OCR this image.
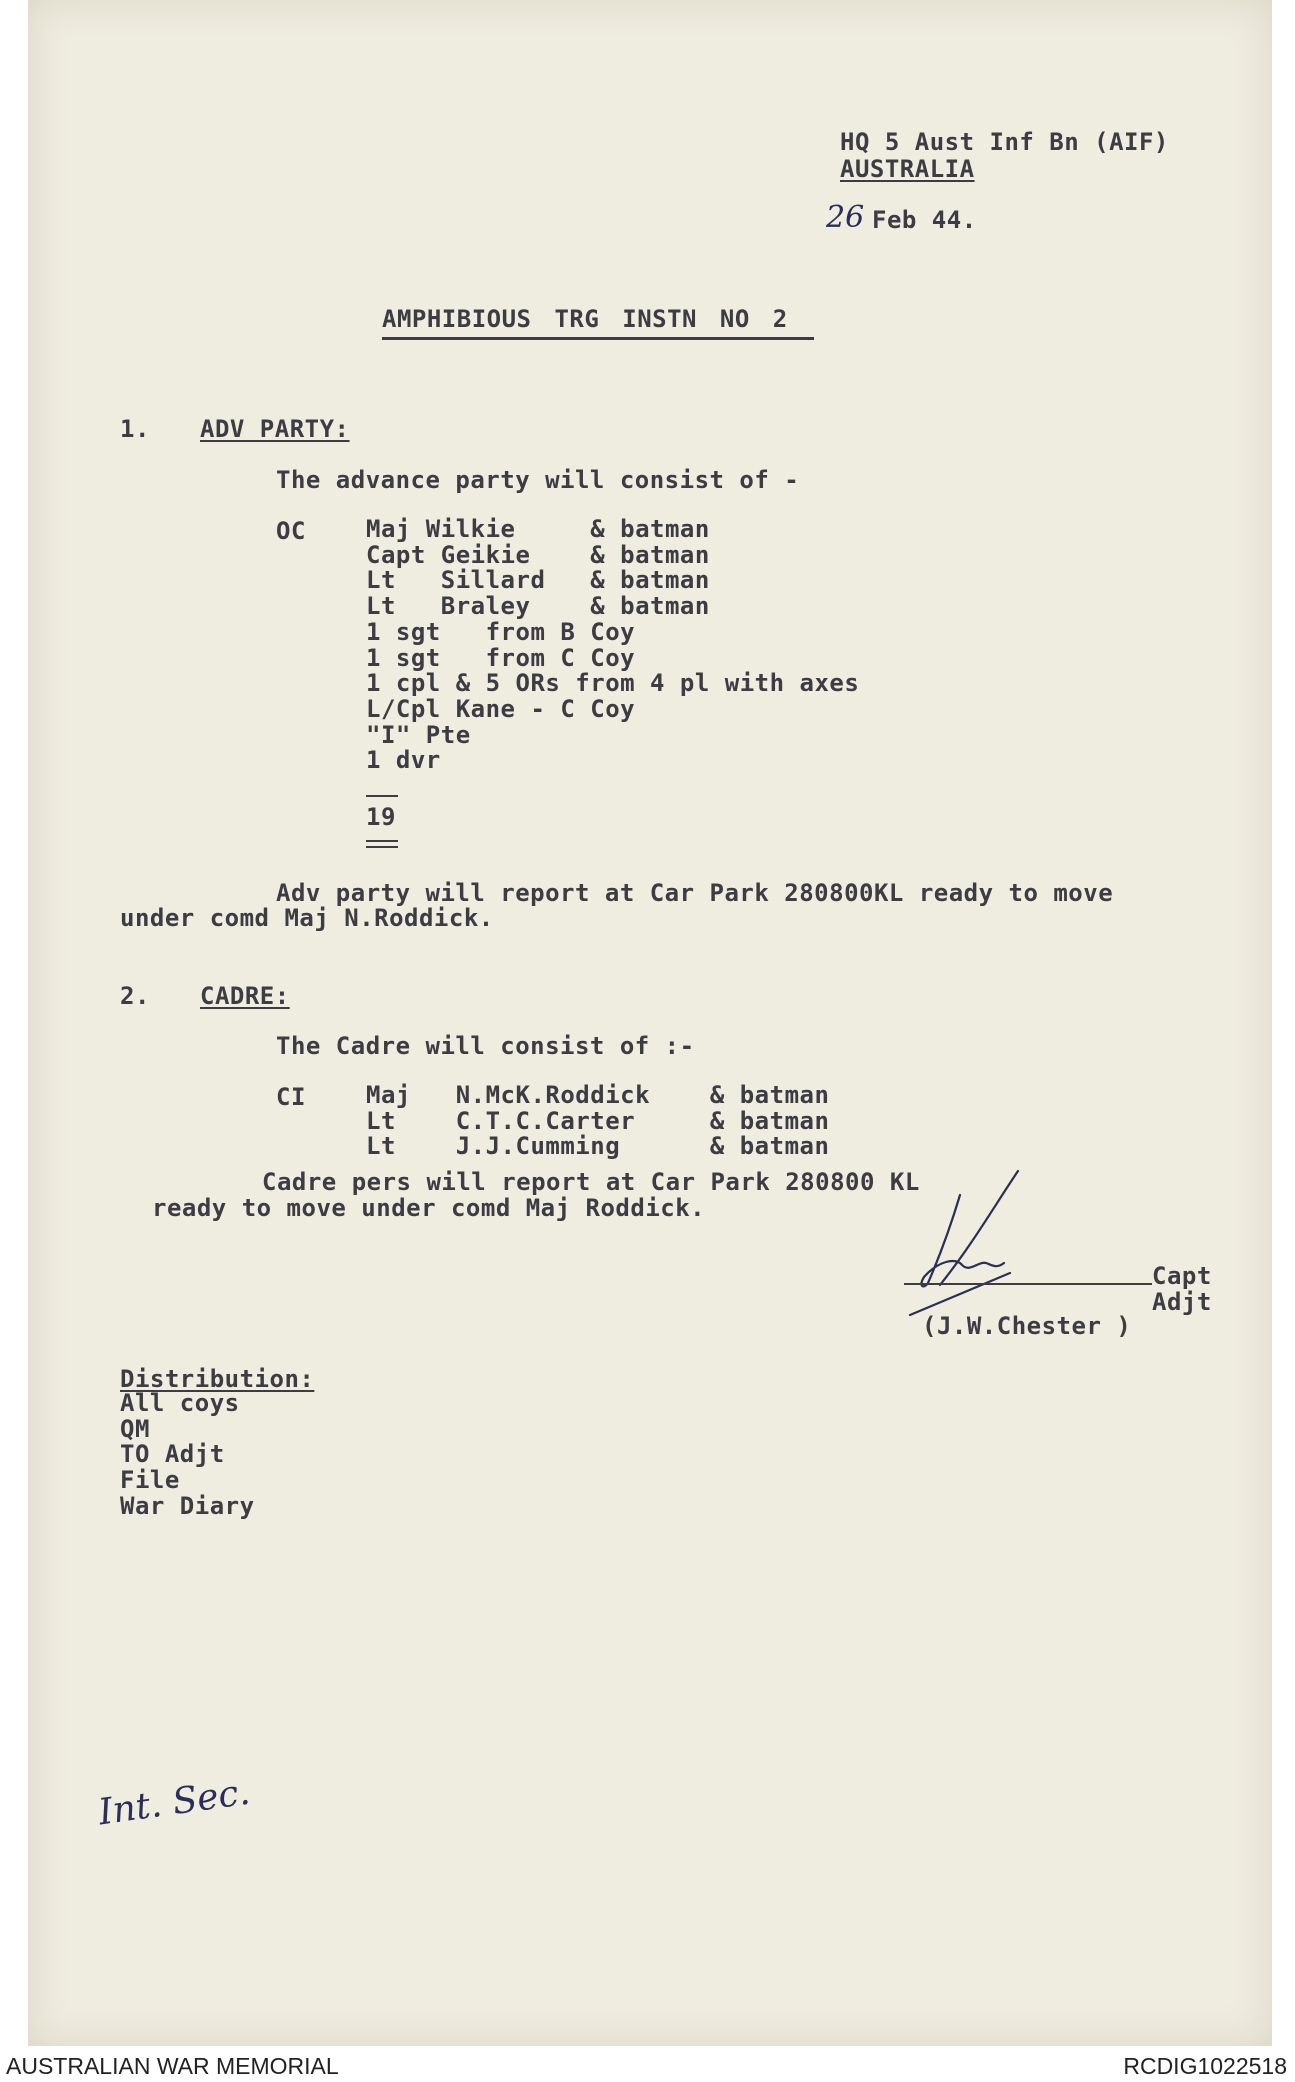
HQ 5 Aust Inf Bn (AIF)
AUSTRALIA
26 Feb 44.
AMPHIBIOUS TRG INSTN NO 2
1. ADV PARTY:
The advance party will consist of -
OC	Maj Wilkie     & batman
Capt Geikie    & batman
Lt   Sillard   & batman
Lt   Braley    & batman
1 sgt   from B Coy
1 sgt   from C Coy
1 cpl & 5 ORs from 4 pl with axes
L/Cpl Kane - C Coy
"I" Pte
1 dvr
19
Adv party will report at Car Park 280800KL ready to move
under comd Maj N.Roddick.
2. CADRE:
The Cadre will consist of :-
CI	Maj   N.McK.Roddick    & batman
Lt    C.T.C.Carter     & batman
Lt    J.J.Cumming      & batman
Cadre pers will report at Car Park 280800 KL
ready to move under comd Maj Roddick.
Capt
Adjt
(J.W.Chester )
Distribution:
All coys
QM
TO Adjt
File
War Diary
Int. Sec.
AUSTRALIAN WAR MEMORIAL	RCDIG1022518
